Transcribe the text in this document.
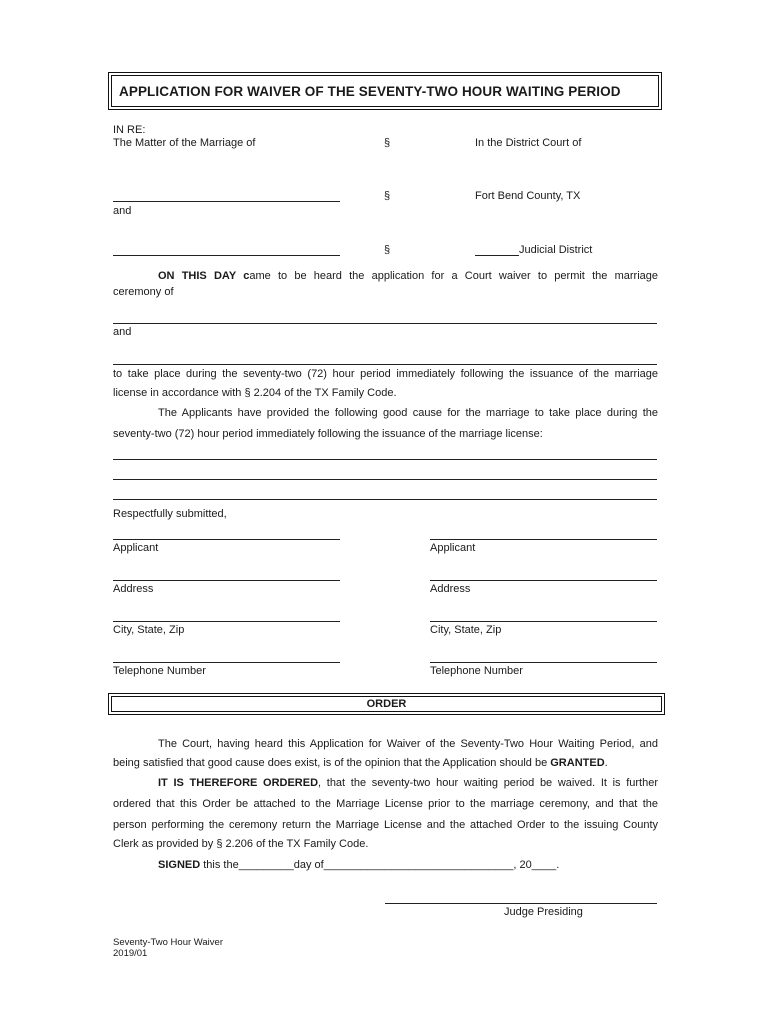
APPLICATION FOR WAIVER OF THE SEVENTY-TWO HOUR WAITING PERIOD
IN RE:
The Matter of the Marriage of	§	In the District Court of
§	Fort Bend County, TX
and
§	Judicial District
ON THIS DAY came to be heard the application for a Court waiver to permit the marriage
ceremony of
and
to take place during the seventy-two (72) hour period immediately following the issuance of the marriage
license in accordance with § 2.204 of the TX Family Code.
The Applicants have provided the following good cause for the marriage to take place during the
seventy-two (72) hour period immediately following the issuance of the marriage license:
Respectfully submitted,
Applicant
Address
City, State, Zip
Telephone Number
Applicant
Address
City, State, Zip
Telephone Number
ORDER
The Court, having heard this Application for Waiver of the Seventy-Two Hour Waiting Period, and
being satisfied that good cause does exist, is of the opinion that the Application should be GRANTED.
IT IS THEREFORE ORDERED, that the seventy-two hour waiting period be waived. It is further
ordered that this Order be attached to the Marriage License prior to the marriage ceremony, and that the
person performing the ceremony return the Marriage License and the attached Order to the issuing County
Clerk as provided by § 2.206 of the TX Family Code.
SIGNED this the_________day of_______________________________, 20____.
Judge Presiding
Seventy-Two Hour Waiver
2019/01
